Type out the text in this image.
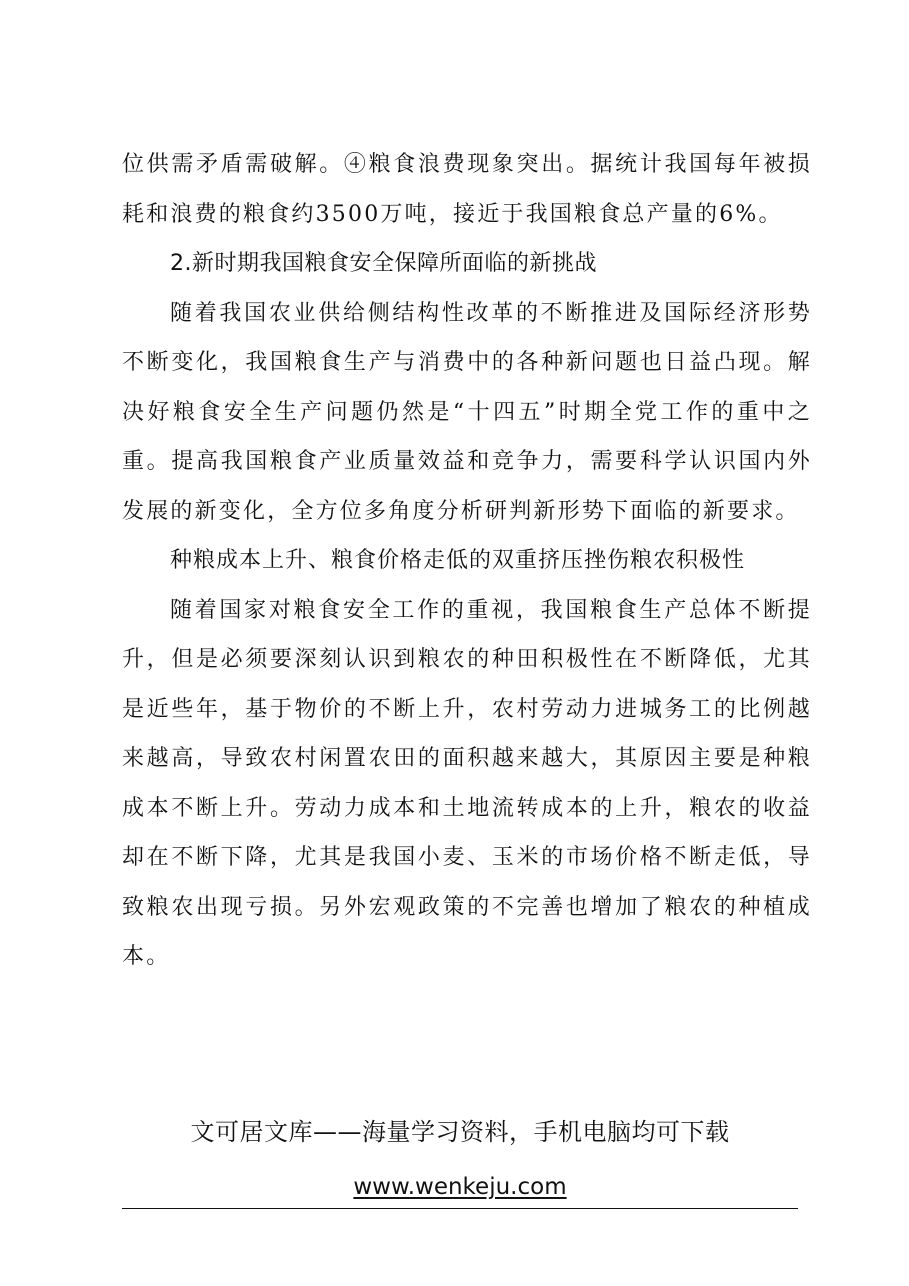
位供需矛盾需破解。④粮食浪费现象突出。据统计我国每年被损耗和浪费的粮食约3500万吨，接近于我国粮食总产量的6%。

2.新时期我国粮食安全保障所面临的新挑战

随着我国农业供给侧结构性改革的不断推进及国际经济形势不断变化，我国粮食生产与消费中的各种新问题也日益凸现。解决好粮食安全生产问题仍然是“十四五”时期全党工作的重中之重。提高我国粮食产业质量效益和竞争力，需要科学认识国内外发展的新变化，全方位多角度分析研判新形势下面临的新要求。

种粮成本上升、粮食价格走低的双重挤压挫伤粮农积极性

随着国家对粮食安全工作的重视，我国粮食生产总体不断提升，但是必须要深刻认识到粮农的种田积极性在不断降低，尤其是近些年，基于物价的不断上升，农村劳动力进城务工的比例越来越高，导致农村闲置农田的面积越来越大，其原因主要是种粮成本不断上升。劳动力成本和土地流转成本的上升，粮农的收益却在不断下降，尤其是我国小麦、玉米的市场价格不断走低，导致粮农出现亏损。另外宏观政策的不完善也增加了粮农的种植成本。

文可居文库——海量学习资料，手机电脑均可下载

www.wenkeju.com
